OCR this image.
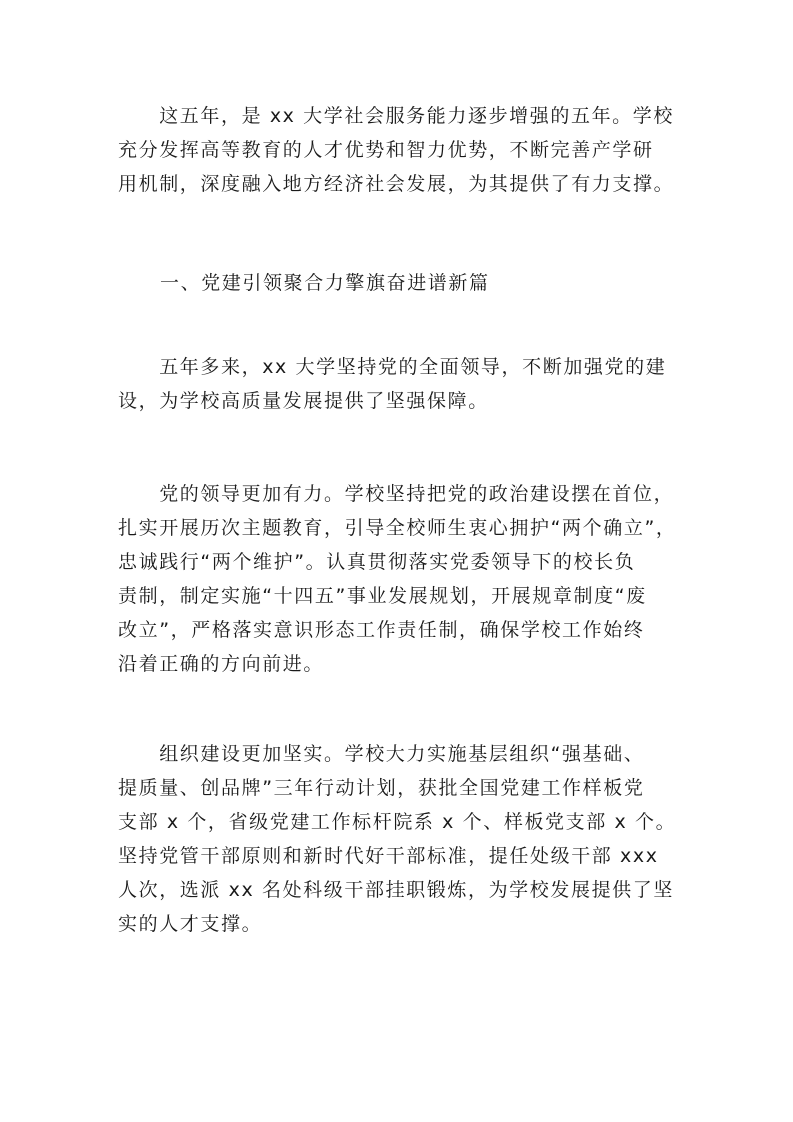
　　这五年，是 xx 大学社会服务能力逐步增强的五年。学校
充分发挥高等教育的人才优势和智力优势，不断完善产学研
用机制，深度融入地方经济社会发展，为其提供了有力支撑。
一、党建引领聚合力擎旗奋进谱新篇
　　五年多来，xx 大学坚持党的全面领导，不断加强党的建
设，为学校高质量发展提供了坚强保障。
　　党的领导更加有力。学校坚持把党的政治建设摆在首位，
扎实开展历次主题教育，引导全校师生衷心拥护“两个确立”，
忠诚践行“两个维护”。认真贯彻落实党委领导下的校长负
责制，制定实施“十四五”事业发展规划，开展规章制度“废
改立”，严格落实意识形态工作责任制，确保学校工作始终
沿着正确的方向前进。
　　组织建设更加坚实。学校大力实施基层组织“强基础、
提质量、创品牌”三年行动计划，获批全国党建工作样板党
支部 x 个，省级党建工作标杆院系 x 个、样板党支部 x 个。
坚持党管干部原则和新时代好干部标准，提任处级干部 xxx
人次，选派 xx 名处科级干部挂职锻炼，为学校发展提供了坚
实的人才支撑。
